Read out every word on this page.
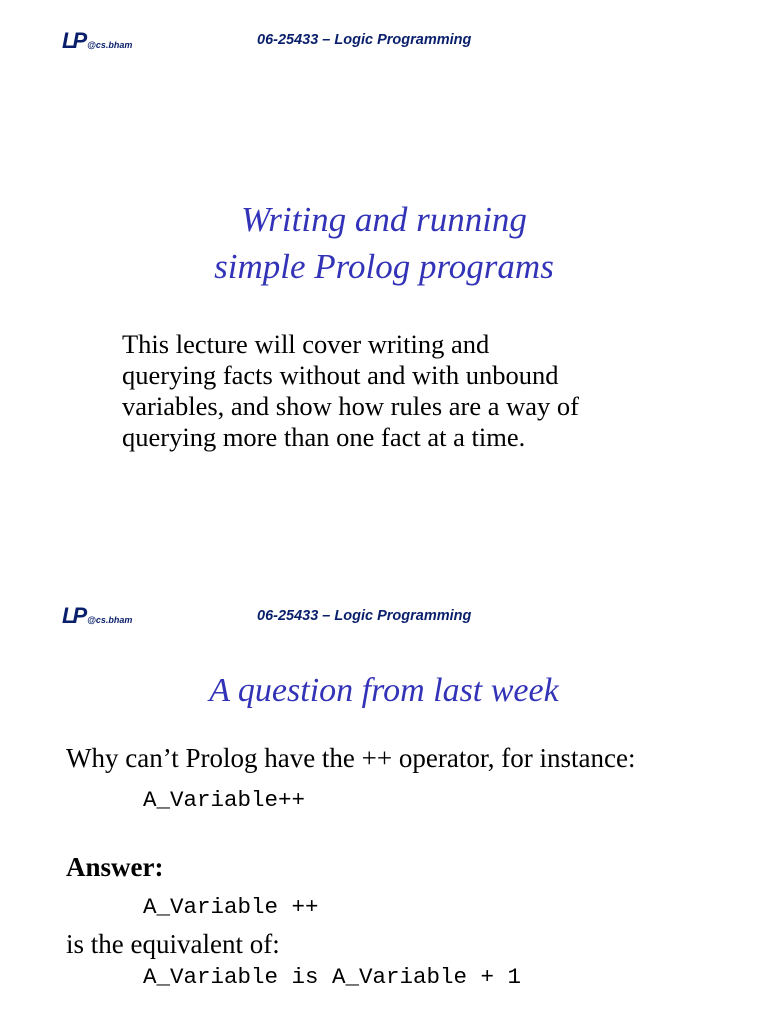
LP @cs.bham	06-25433 – Logic Programming
Writing and running
simple Prolog programs

This lecture will cover writing and
querying facts without and with unbound
variables, and show how rules are a way of
querying more than one fact at a time.

LP @cs.bham	06-25433 – Logic Programming
A question from last week

Why can’t Prolog have the ++ operator, for instance:

A_Variable++

Answer:

A_Variable ++

is the equivalent of:

A_Variable is A_Variable + 1
